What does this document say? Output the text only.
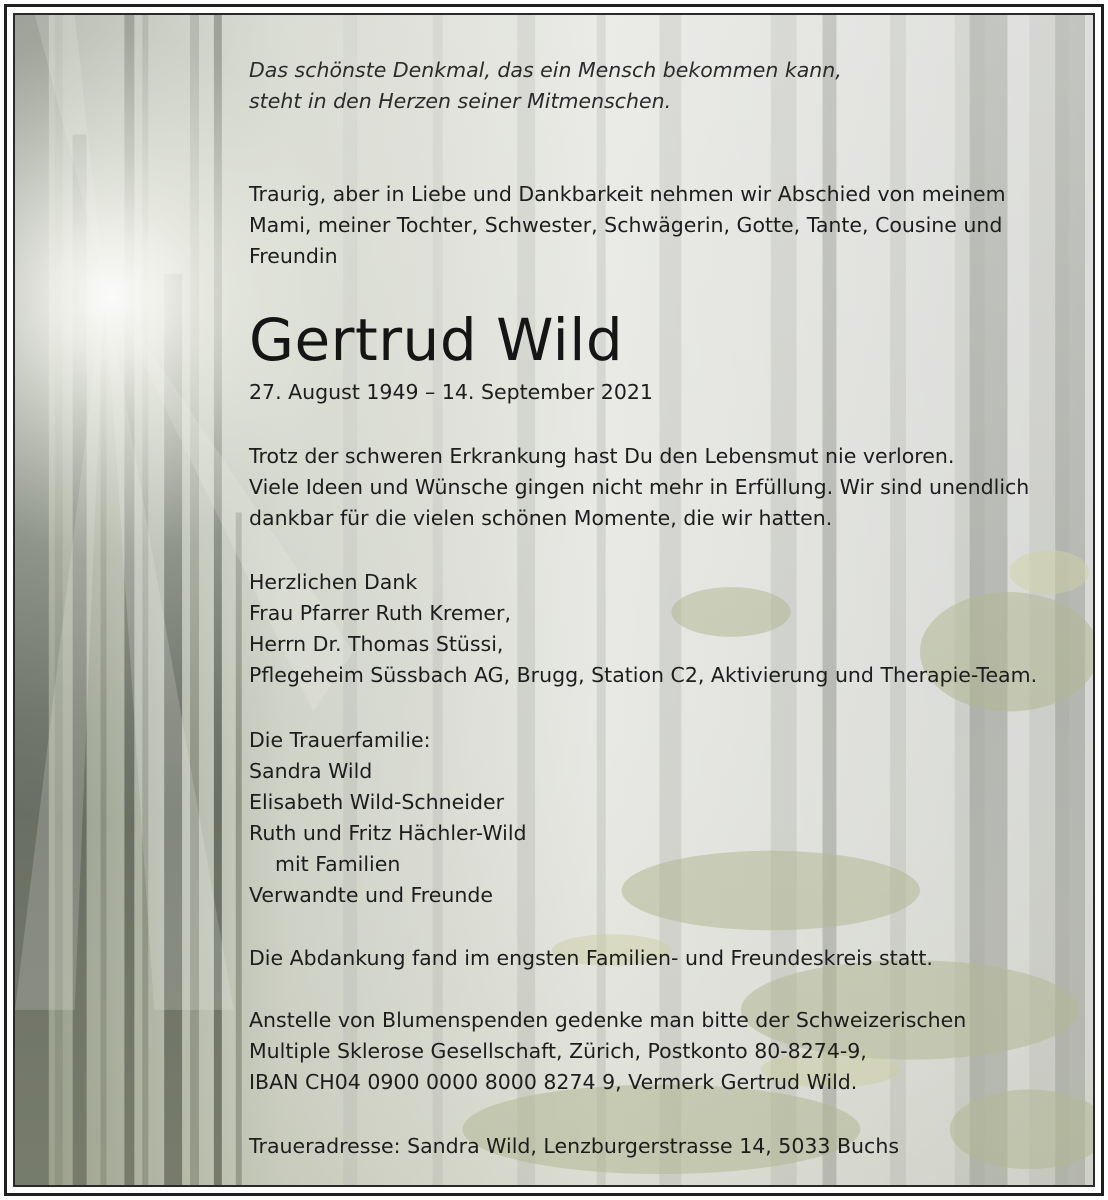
Das schönste Denkmal, das ein Mensch bekommen kann,
steht in den Herzen seiner Mitmenschen.
Traurig, aber in Liebe und Dankbarkeit nehmen wir Abschied von meinem
Mami, meiner Tochter, Schwester, Schwägerin, Gotte, Tante, Cousine und
Freundin
Gertrud Wild
27. August 1949 – 14. September 2021
Trotz der schweren Erkrankung hast Du den Lebensmut nie verloren.
Viele Ideen und Wünsche gingen nicht mehr in Erfüllung. Wir sind unendlich
dankbar für die vielen schönen Momente, die wir hatten.
Herzlichen Dank
Frau Pfarrer Ruth Kremer,
Herrn Dr. Thomas Stüssi,
Pflegeheim Süssbach AG, Brugg, Station C2, Aktivierung und Therapie-Team.
Die Trauerfamilie:
Sandra Wild
Elisabeth Wild-Schneider
Ruth und Fritz Hächler-Wild
mit Familien
Verwandte und Freunde
Die Abdankung fand im engsten Familien- und Freundeskreis statt.
Anstelle von Blumenspenden gedenke man bitte der Schweizerischen
Multiple Sklerose Gesellschaft, Zürich, Postkonto 80-8274-9,
IBAN CH04 0900 0000 8000 8274 9, Vermerk Gertrud Wild.
Traueradresse: Sandra Wild, Lenzburgerstrasse 14, 5033 Buchs
